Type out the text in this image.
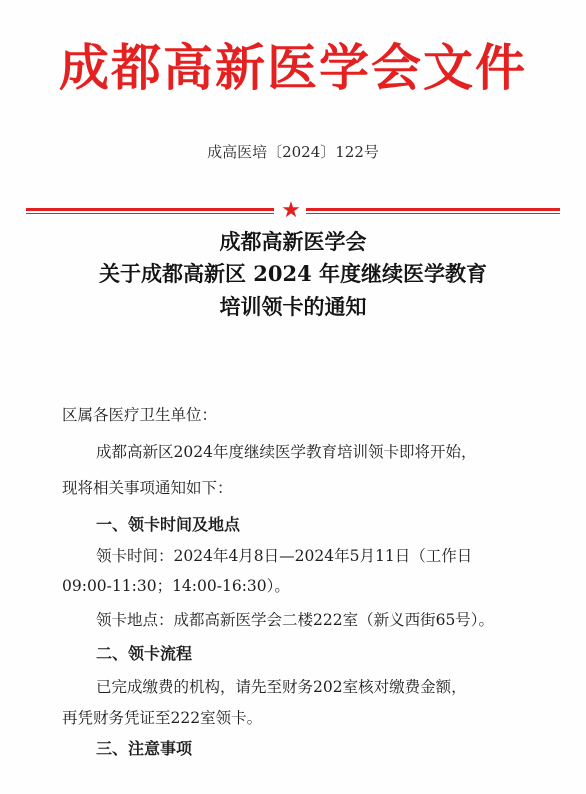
成都高新医学会文件
成高医培〔2024〕122号
★
成都高新医学会
关于成都高新区 2024 年度继续医学教育
培训领卡的通知
区属各医疗卫生单位：
成都高新区2024年度继续医学教育培训领卡即将开始，
现将相关事项通知如下：
一、领卡时间及地点
领卡时间：2024年4月8日—2024年5月11日（工作日
09:00-11:30；14:00-16:30）。
领卡地点：成都高新医学会二楼222室（新义西街65号）。
二、领卡流程
已完成缴费的机构，请先至财务202室核对缴费金额，
再凭财务凭证至222室领卡。
三、注意事项
